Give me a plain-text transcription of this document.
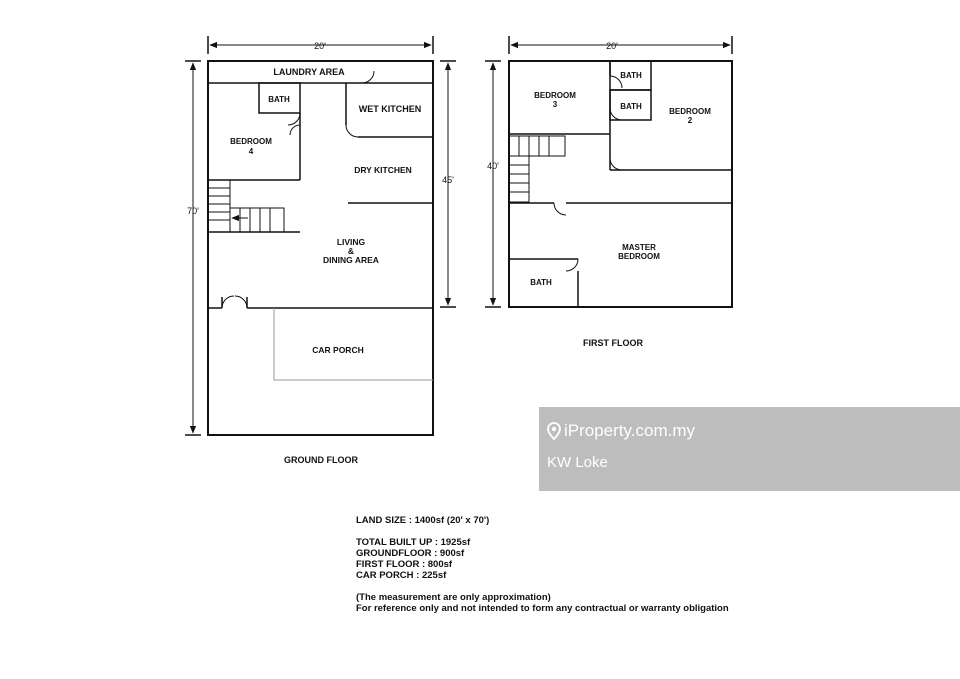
20'
70'
45'
20'
40'
LAUNDRY AREA
BATH
WET KITCHEN
BEDROOM
4
DRY KITCHEN
LIVING
&
DINING AREA
CAR PORCH
GROUND FLOOR
BEDROOM
3
BATH
BATH
BEDROOM
2
MASTER
BEDROOM
BATH
FIRST FLOOR
LAND SIZE : 1400sf (20' x 70')
TOTAL BUILT UP : 1925sf
GROUNDFLOOR : 900sf
FIRST FLOOR : 800sf
CAR PORCH : 225sf
(The measurement are only approximation)
For reference only and not intended to form any contractual or warranty obligation
iProperty.com.my
KW Loke
